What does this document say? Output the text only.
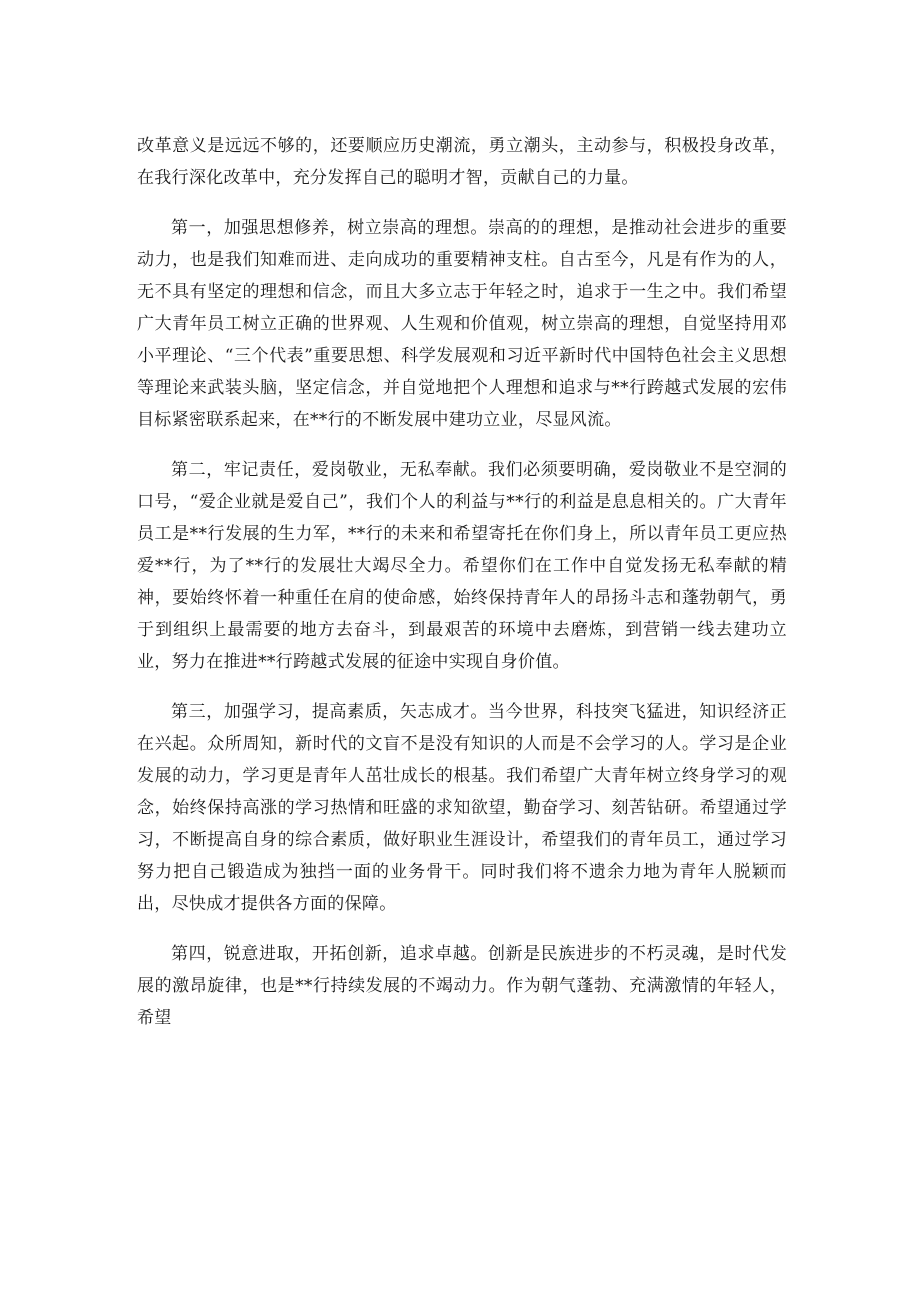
改革意义是远远不够的，还要顺应历史潮流，勇立潮头，主动参与，积极投身改革，在我行深化改革中，充分发挥自己的聪明才智，贡献自己的力量。

第一，加强思想修养，树立崇高的理想。崇高的的理想，是推动社会进步的重要动力，也是我们知难而进、走向成功的重要精神支柱。自古至今，凡是有作为的人，无不具有坚定的理想和信念，而且大多立志于年轻之时，追求于一生之中。我们希望广大青年员工树立正确的世界观、人生观和价值观，树立崇高的理想，自觉坚持用邓小平理论、“三个代表”重要思想、科学发展观和习近平新时代中国特色社会主义思想等理论来武装头脑，坚定信念，并自觉地把个人理想和追求与**行跨越式发展的宏伟目标紧密联系起来，在**行的不断发展中建功立业，尽显风流。

第二，牢记责任，爱岗敬业，无私奉献。我们必须要明确，爱岗敬业不是空洞的口号，“爱企业就是爱自己”，我们个人的利益与**行的利益是息息相关的。广大青年员工是**行发展的生力军，**行的未来和希望寄托在你们身上，所以青年员工更应热爱**行，为了**行的发展壮大竭尽全力。希望你们在工作中自觉发扬无私奉献的精神，要始终怀着一种重任在肩的使命感，始终保持青年人的昂扬斗志和蓬勃朝气，勇于到组织上最需要的地方去奋斗，到最艰苦的环境中去磨炼，到营销一线去建功立业，努力在推进**行跨越式发展的征途中实现自身价值。

第三，加强学习，提高素质，矢志成才。当今世界，科技突飞猛进，知识经济正在兴起。众所周知，新时代的文盲不是没有知识的人而是不会学习的人。学习是企业发展的动力，学习更是青年人茁壮成长的根基。我们希望广大青年树立终身学习的观念，始终保持高涨的学习热情和旺盛的求知欲望，勤奋学习、刻苦钻研。希望通过学习，不断提高自身的综合素质，做好职业生涯设计，希望我们的青年员工，通过学习努力把自己锻造成为独挡一面的业务骨干。同时我们将不遗余力地为青年人脱颖而出，尽快成才提供各方面的保障。

第四，锐意进取，开拓创新，追求卓越。创新是民族进步的不朽灵魂，是时代发展的激昂旋律，也是**行持续发展的不竭动力。作为朝气蓬勃、充满激情的年轻人，希望
